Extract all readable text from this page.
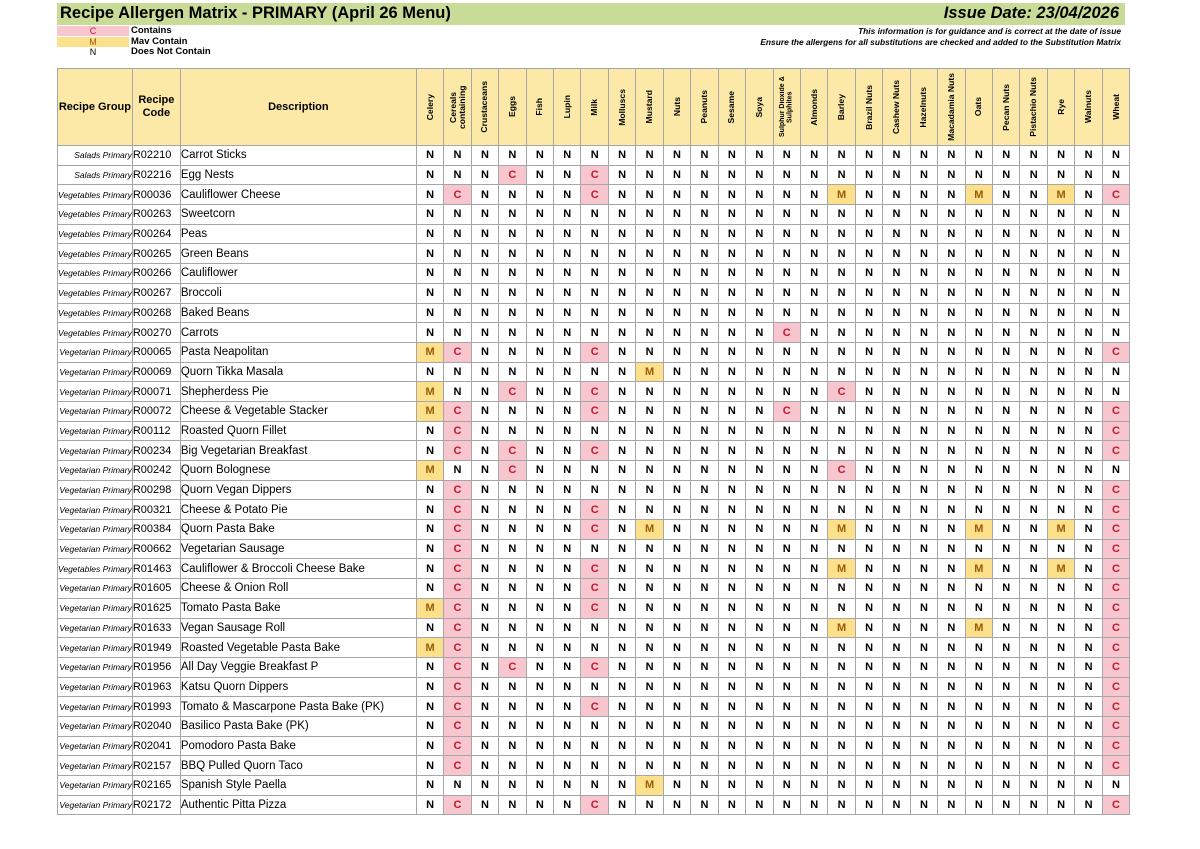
Recipe Allergen Matrix - PRIMARY (April 26 Menu)	Issue Date: 23/04/2026
C	Contains
M	Mav Contain
N	Does Not Contain
This information is for guidance and is correct at the date of issue
Ensure the allergens for all substitutions are checked and added to the Substitution Matrix
Recipe Group	Recipe Code	Description	Celery	Cereals containing	Crustaceans	Eggs	Fish	Lupin	Milk	Molluscs	Mustard	Nuts	Peanuts	Sesame	Soya	Sulphur Dioxide & Sulphites	Almonds	Barley	Brazil Nuts	Cashew Nuts	Hazelnuts	Macadamia Nuts	Oats	Pecan Nuts	Pistachio Nuts	Rye	Walnuts	Wheat

Salads Primary	R02210	Carrot Sticks	N	N	N	N	N	N	N	N	N	N	N	N	N	N	N	N	N	N	N	N	N	N	N	N	N	N
Salads Primary	R02216	Egg Nests	N	N	N	C	N	N	C	N	N	N	N	N	N	N	N	N	N	N	N	N	N	N	N	N	N	N
Vegetables Primary	R00036	Cauliflower Cheese	N	C	N	N	N	N	C	N	N	N	N	N	N	N	N	M	N	N	N	N	M	N	N	M	N	C
Vegetables Primary	R00263	Sweetcorn	N	N	N	N	N	N	N	N	N	N	N	N	N	N	N	N	N	N	N	N	N	N	N	N	N	N
Vegetables Primary	R00264	Peas	N	N	N	N	N	N	N	N	N	N	N	N	N	N	N	N	N	N	N	N	N	N	N	N	N	N
Vegetables Primary	R00265	Green Beans	N	N	N	N	N	N	N	N	N	N	N	N	N	N	N	N	N	N	N	N	N	N	N	N	N	N
Vegetables Primary	R00266	Cauliflower	N	N	N	N	N	N	N	N	N	N	N	N	N	N	N	N	N	N	N	N	N	N	N	N	N	N
Vegetables Primary	R00267	Broccoli	N	N	N	N	N	N	N	N	N	N	N	N	N	N	N	N	N	N	N	N	N	N	N	N	N	N
Vegetables Primary	R00268	Baked Beans	N	N	N	N	N	N	N	N	N	N	N	N	N	N	N	N	N	N	N	N	N	N	N	N	N	N
Vegetables Primary	R00270	Carrots	N	N	N	N	N	N	N	N	N	N	N	N	N	C	N	N	N	N	N	N	N	N	N	N	N	N
Vegetarian Primary	R00065	Pasta Neapolitan	M	C	N	N	N	N	C	N	N	N	N	N	N	N	N	N	N	N	N	N	N	N	N	N	N	C
Vegetarian Primary	R00069	Quorn Tikka Masala	N	N	N	N	N	N	N	N	M	N	N	N	N	N	N	N	N	N	N	N	N	N	N	N	N	N
Vegetarian Primary	R00071	Shepherdess Pie	M	N	N	C	N	N	C	N	N	N	N	N	N	N	N	C	N	N	N	N	N	N	N	N	N	N
Vegetarian Primary	R00072	Cheese & Vegetable Stacker	M	C	N	N	N	N	C	N	N	N	N	N	N	C	N	N	N	N	N	N	N	N	N	N	N	C
Vegetarian Primary	R00112	Roasted Quorn Fillet	N	C	N	N	N	N	N	N	N	N	N	N	N	N	N	N	N	N	N	N	N	N	N	N	N	C
Vegetarian Primary	R00234	Big Vegetarian Breakfast	N	C	N	C	N	N	C	N	N	N	N	N	N	N	N	N	N	N	N	N	N	N	N	N	N	C
Vegetarian Primary	R00242	Quorn Bolognese	M	N	N	C	N	N	N	N	N	N	N	N	N	N	N	C	N	N	N	N	N	N	N	N	N	N
Vegetarian Primary	R00298	Quorn Vegan Dippers	N	C	N	N	N	N	N	N	N	N	N	N	N	N	N	N	N	N	N	N	N	N	N	N	N	C
Vegetarian Primary	R00321	Cheese & Potato Pie	N	C	N	N	N	N	C	N	N	N	N	N	N	N	N	N	N	N	N	N	N	N	N	N	N	C
Vegetarian Primary	R00384	Quorn Pasta Bake	N	C	N	N	N	N	C	N	M	N	N	N	N	N	N	M	N	N	N	N	M	N	N	M	N	C
Vegetarian Primary	R00662	Vegetarian Sausage	N	C	N	N	N	N	N	N	N	N	N	N	N	N	N	N	N	N	N	N	N	N	N	N	N	C
Vegetables Primary	R01463	Cauliflower & Broccoli Cheese Bake	N	C	N	N	N	N	C	N	N	N	N	N	N	N	N	M	N	N	N	N	M	N	N	M	N	C
Vegetarian Primary	R01605	Cheese & Onion Roll	N	C	N	N	N	N	C	N	N	N	N	N	N	N	N	N	N	N	N	N	N	N	N	N	N	C
Vegetarian Primary	R01625	Tomato Pasta Bake	M	C	N	N	N	N	C	N	N	N	N	N	N	N	N	N	N	N	N	N	N	N	N	N	N	C
Vegetarian Primary	R01633	Vegan Sausage Roll	N	C	N	N	N	N	N	N	N	N	N	N	N	N	N	M	N	N	N	N	M	N	N	N	N	C
Vegetarian Primary	R01949	Roasted Vegetable Pasta Bake	M	C	N	N	N	N	N	N	N	N	N	N	N	N	N	N	N	N	N	N	N	N	N	N	N	C
Vegetarian Primary	R01956	All Day Veggie Breakfast P	N	C	N	C	N	N	C	N	N	N	N	N	N	N	N	N	N	N	N	N	N	N	N	N	N	C
Vegetarian Primary	R01963	Katsu Quorn Dippers	N	C	N	N	N	N	N	N	N	N	N	N	N	N	N	N	N	N	N	N	N	N	N	N	N	C
Vegetarian Primary	R01993	Tomato & Mascarpone Pasta Bake (PK)	N	C	N	N	N	N	C	N	N	N	N	N	N	N	N	N	N	N	N	N	N	N	N	N	N	C
Vegetarian Primary	R02040	Basilico Pasta Bake (PK)	N	C	N	N	N	N	N	N	N	N	N	N	N	N	N	N	N	N	N	N	N	N	N	N	N	C
Vegetarian Primary	R02041	Pomodoro Pasta Bake	N	C	N	N	N	N	N	N	N	N	N	N	N	N	N	N	N	N	N	N	N	N	N	N	N	C
Vegetarian Primary	R02157	BBQ Pulled Quorn Taco	N	C	N	N	N	N	N	N	N	N	N	N	N	N	N	N	N	N	N	N	N	N	N	N	N	C
Vegetarian Primary	R02165	Spanish Style Paella	N	N	N	N	N	N	N	N	M	N	N	N	N	N	N	N	N	N	N	N	N	N	N	N	N	N
Vegetarian Primary	R02172	Authentic Pitta Pizza	N	C	N	N	N	N	C	N	N	N	N	N	N	N	N	N	N	N	N	N	N	N	N	N	N	C
